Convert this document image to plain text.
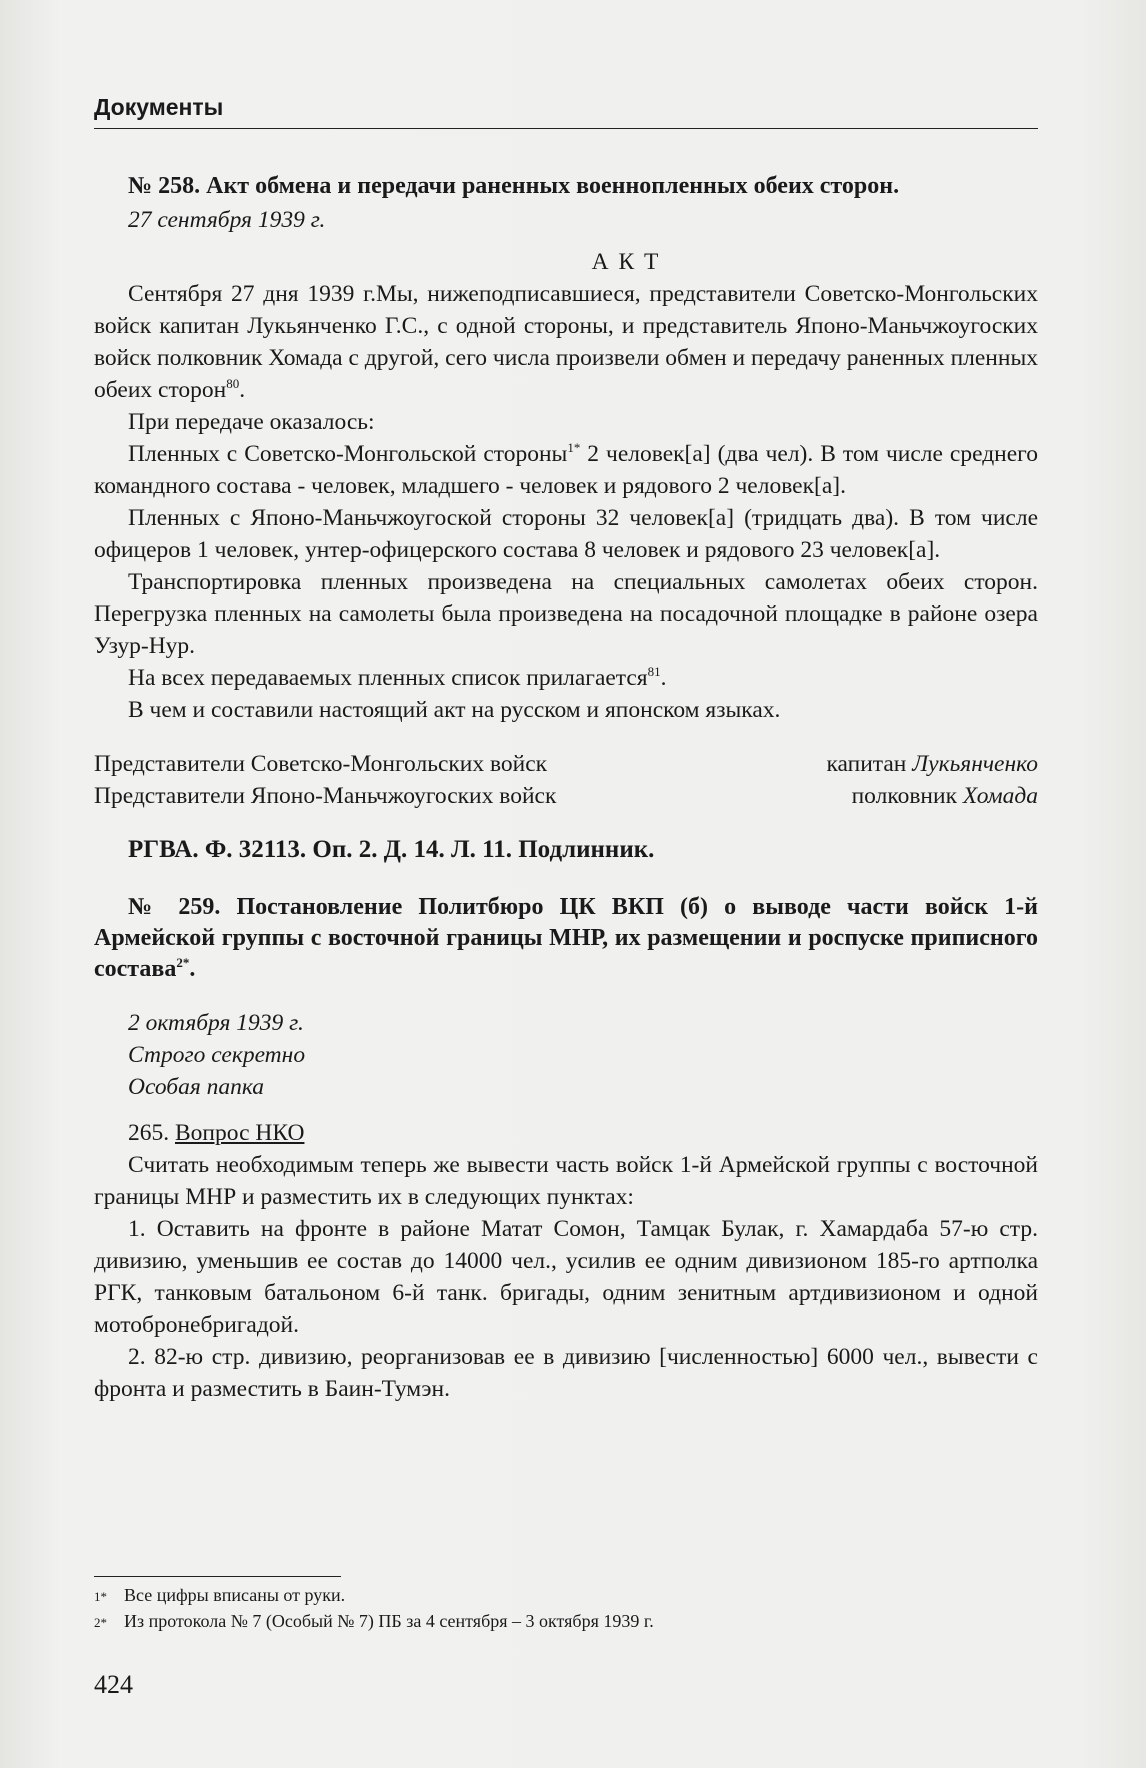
Документы

№ 258. Акт обмена и передачи раненных военнопленных обеих сторон.

27 сентября 1939 г.

А К Т

Сентября 27 дня 1939 г.Мы, нижеподписавшиеся, представители Советско-Монгольских войск капитан Лукьянченко Г.С., с одной стороны, и представитель Японо-Маньчжоугоских войск полковник Хомада с другой, сего числа произвели обмен и передачу раненных пленных обеих сторон$^{80}$.

При передаче оказалось:

Пленных с Советско-Монгольской стороны$^{1*}$ 2 человек[а] (два чел). В том числе среднего командного состава - человек, младшего - человек и рядового 2 человек[а].

Пленных с Японо-Маньчжоугоской стороны 32 человек[а] (тридцать два). В том числе офицеров 1 человек, унтер-офицерского состава 8 человек и рядового 23 человек[а].

Транспортировка пленных произведена на специальных самолетах обеих сторон. Перегрузка пленных на самолеты была произведена на посадочной площадке в районе озера Узур-Нур.

На всех передаваемых пленных список прилагается$^{81}$.

В чем и составили настоящий акт на русском и японском языках.

Представители Советско-Монгольских войск	капитан Лукьянченко
Представители Японо-Маньчжоугоских войск	полковник Хомада

РГВА. Ф. 32113. Оп. 2. Д. 14. Л. 11. Подлинник.

№ 259. Постановление Политбюро ЦК ВКП (б) о выводе части войск 1-й Армейской группы с восточной границы МНР, их размещении и роспуске приписного состава$^{2*}$.

2 октября 1939 г.

Строго секретно

Особая папка

265. Вопрос НКО

Считать необходимым теперь же вывести часть войск 1-й Армейской группы с восточной границы МНР и разместить их в следующих пунктах:

1. Оставить на фронте в районе Матат Сомон, Тамцак Булак, г. Хамардаба 57-ю стр. дивизию, уменьшив ее состав до 14000 чел., усилив ее одним дивизионом 185-го артполка РГК, танковым батальоном 6-й танк. бригады, одним зенитным артдивизионом и одной мотобронебригадой.

2. 82-ю стр. дивизию, реорганизовав ее в дивизию [численностью] 6000 чел., вывести с фронта и разместить в Баин-Тумэн.

1* Все цифры вписаны от руки.
2* Из протокола № 7 (Особый № 7) ПБ за 4 сентября – 3 октября 1939 г.
424
